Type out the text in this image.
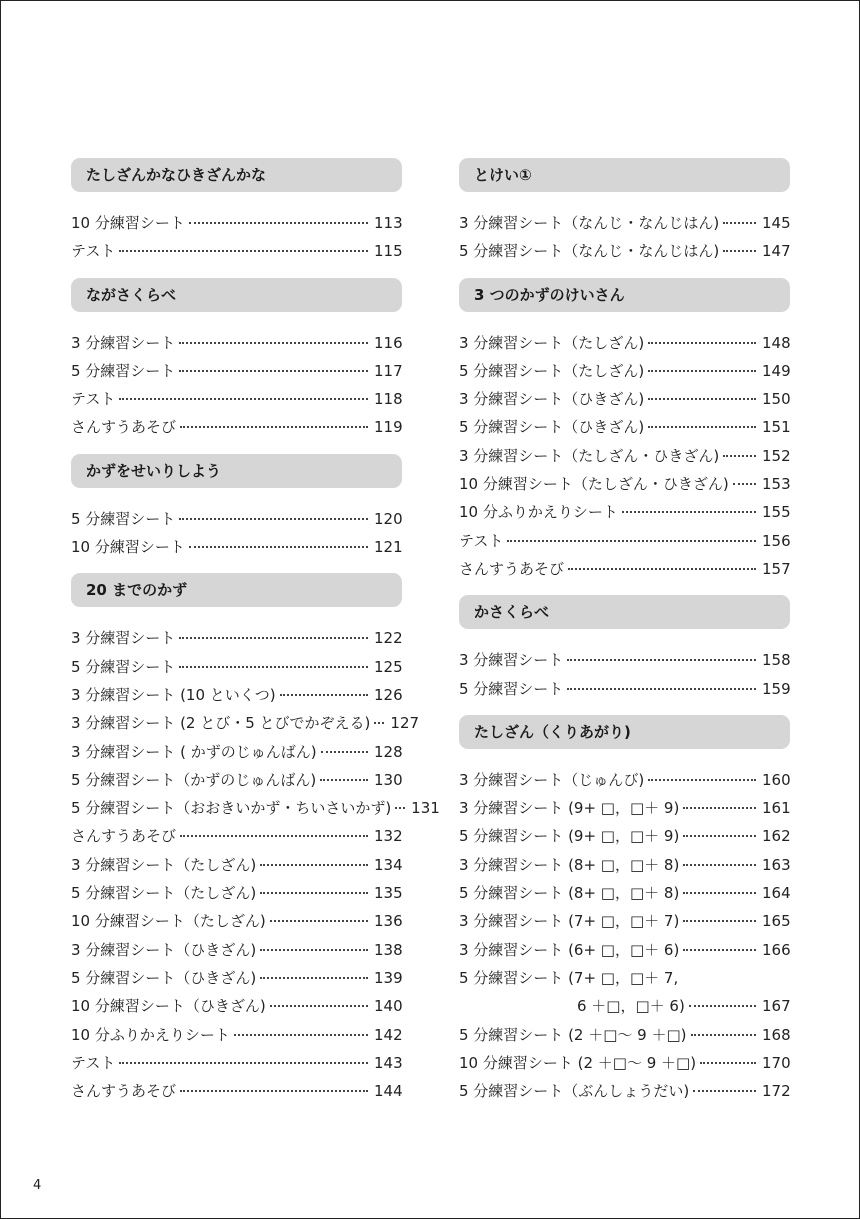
たしざんかなひきざんかな
10 分練習シート	113
テスト	115
ながさくらべ
3 分練習シート	116
5 分練習シート	117
テスト	118
さんすうあそび	119
かずをせいりしよう
5 分練習シート	120
10 分練習シート	121
20 までのかず
3 分練習シート	122
5 分練習シート	125
3 分練習シート (10 といくつ)	126
3 分練習シート (2 とび・5 とびでかぞえる) 127
3 分練習シート ( かずのじゅんばん)	128
5 分練習シート（かずのじゅんばん)	130
5 分練習シート（おおきいかず・ちいさいかず) 131
さんすうあそび	132
3 分練習シート（たしざん)	134
5 分練習シート（たしざん)	135
10 分練習シート（たしざん)	136
3 分練習シート（ひきざん)	138
5 分練習シート（ひきざん)	139
10 分練習シート（ひきざん)	140
10 分ふりかえりシート	142
テスト	143
さんすうあそび	144
とけい①
3 分練習シート（なんじ・なんじはん)	145
5 分練習シート（なんじ・なんじはん)	147
3 つのかずのけいさん
3 分練習シート（たしざん)	148
5 分練習シート（たしざん)	149
3 分練習シート（ひきざん)	150
5 分練習シート（ひきざん)	151
3 分練習シート（たしざん・ひきざん)	152
10 分練習シート（たしざん・ひきざん) 153
10 分ふりかえりシート	155
テスト	156
さんすうあそび	157
かさくらべ
3 分練習シート	158
5 分練習シート	159
たしざん（くりあがり)
3 分練習シート（じゅんび)	160
3 分練習シート (9+ □，□＋ 9)	161
5 分練習シート (9+ □，□＋ 9)	162
3 分練習シート (8+ □，□＋ 8)	163
5 分練習シート (8+ □，□＋ 8)	164
3 分練習シート (7+ □，□＋ 7)	165
3 分練習シート (6+ □，□＋ 6)	166
5 分練習シート (7+ □，□＋ 7,
6 ＋□，□＋ 6)	167
5 分練習シート (2 ＋□〜 9 ＋□)	168
10 分練習シート (2 ＋□〜 9 ＋□)	170
5 分練習シート（ぶんしょうだい)	172
4
